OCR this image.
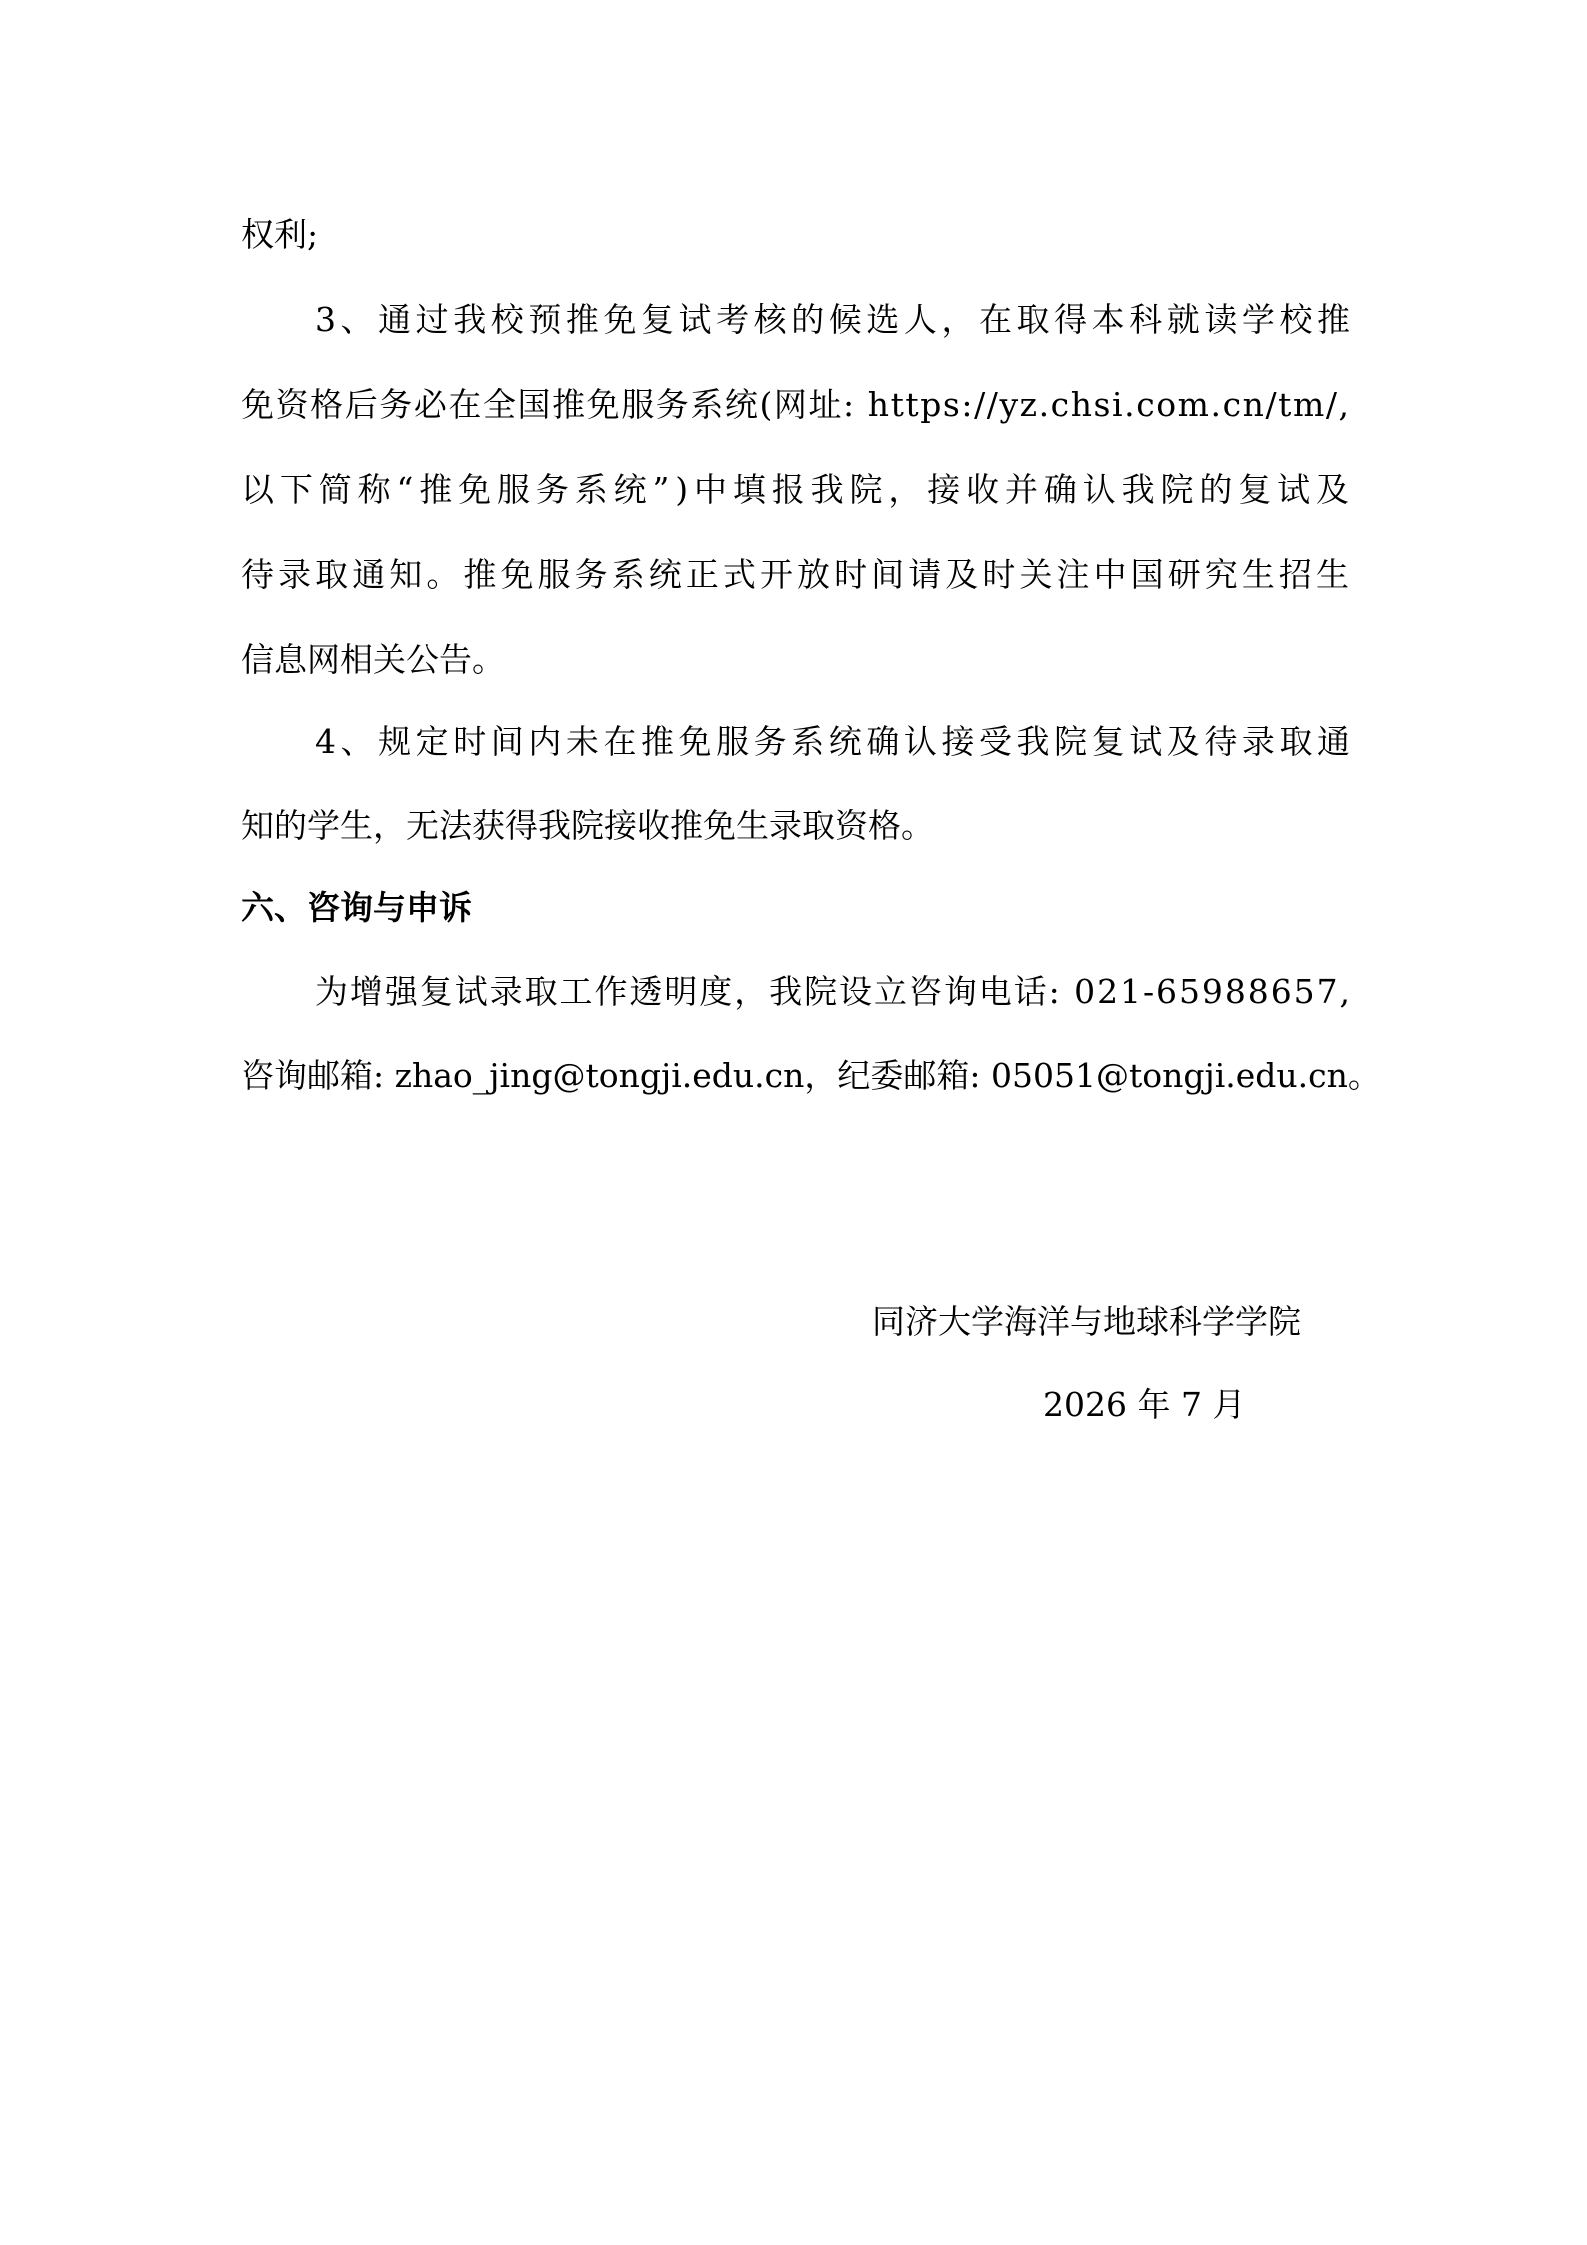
权利;
3、通过我校预推免复试考核的候选人，在取得本科就读学校推
免资格后务必在全国推免服务系统(网址: https://yz.chsi.com.cn/tm/,
以下简称“推免服务系统”)中填报我院，接收并确认我院的复试及
待录取通知。推免服务系统正式开放时间请及时关注中国研究生招生
信息网相关公告。
4、规定时间内未在推免服务系统确认接受我院复试及待录取通
知的学生，无法获得我院接收推免生录取资格。
六、咨询与申诉
为增强复试录取工作透明度，我院设立咨询电话: 021-65988657,
咨询邮箱: zhao_jing@tongji.edu.cn，纪委邮箱: 05051@tongji.edu.cn。
同济大学海洋与地球科学学院
2026 年 7 月
